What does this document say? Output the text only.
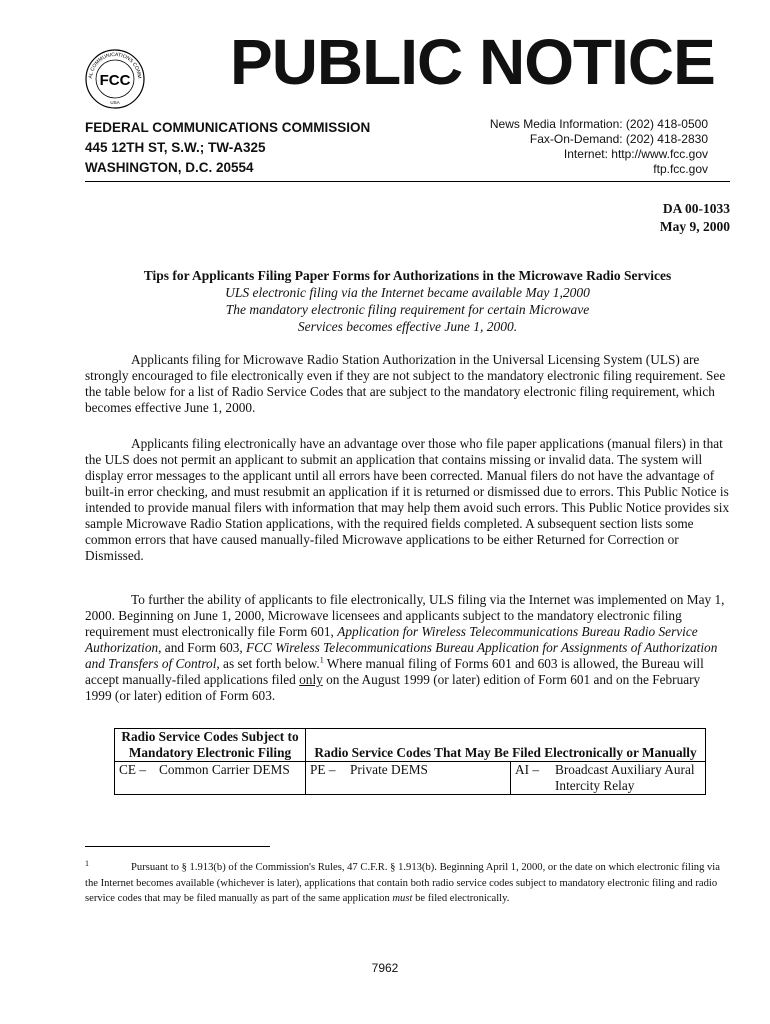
AL COMMUNICATIONS COMM
FCC
USA
PUBLIC NOTICE
FEDERAL COMMUNICATIONS COMMISSION
445 12TH ST, S.W.; TW-A325
WASHINGTON, D.C. 20554
News Media Information: (202) 418-0500
Fax-On-Demand: (202) 418-2830
Internet: http://www.fcc.gov
ftp.fcc.gov
DA 00-1033
May 9, 2000
Tips for Applicants Filing Paper Forms for Authorizations in the Microwave Radio Services
ULS electronic filing via the Internet became available May 1,2000
The mandatory electronic filing requirement for certain Microwave
Services becomes effective June 1, 2000.

Applicants filing for Microwave Radio Station Authorization in the Universal Licensing System (ULS) are strongly encouraged to file electronically even if they are not subject to the mandatory electronic filing requirement. See the table below for a list of Radio Service Codes that are subject to the mandatory electronic filing requirement, which becomes effective June 1, 2000.

Applicants filing electronically have an advantage over those who file paper applications (manual filers) in that the ULS does not permit an applicant to submit an application that contains missing or invalid data. The system will display error messages to the applicant until all errors have been corrected. Manual filers do not have the advantage of built-in error checking, and must resubmit an application if it is returned or dismissed due to errors. This Public Notice is intended to provide manual filers with information that may help them avoid such errors. This Public Notice provides six sample Microwave Radio Station applications, with the required fields completed. A subsequent section lists some common errors that have caused manually-filed Microwave applications to be either Returned for Correction or Dismissed.

To further the ability of applicants to file electronically, ULS filing via the Internet was implemented on May 1, 2000. Beginning on June 1, 2000, Microwave licensees and applicants subject to the mandatory electronic filing requirement must electronically file Form 601, Application for Wireless Telecommunications Bureau Radio Service Authorization, and Form 603, FCC Wireless Telecommunications Bureau Application for Assignments of Authorization and Transfers of Control, as set forth below.$^1$ Where manual filing of Forms 601 and 603 is allowed, the Bureau will accept manually-filed applications filed only on the August 1999 (or later) edition of Form 601 and on the February 1999 (or later) edition of Form 603.

Radio Service Codes Subject to Mandatory Electronic Filing	Radio Service Codes That May Be Filed Electronically or Manually	

CE – Common Carrier DEMS	PE – Private DEMS	AI – Broadcast Auxiliary Aural Intercity Relay
1	Pursuant to § 1.913(b) of the Commission's Rules, 47 C.F.R. § 1.913(b). Beginning April 1, 2000, or the date on which electronic filing via the Internet becomes available (whichever is later), applications that contain both radio service codes subject to mandatory electronic filing and radio service codes that may be filed manually as part of the same application must be filed electronically.

7962
